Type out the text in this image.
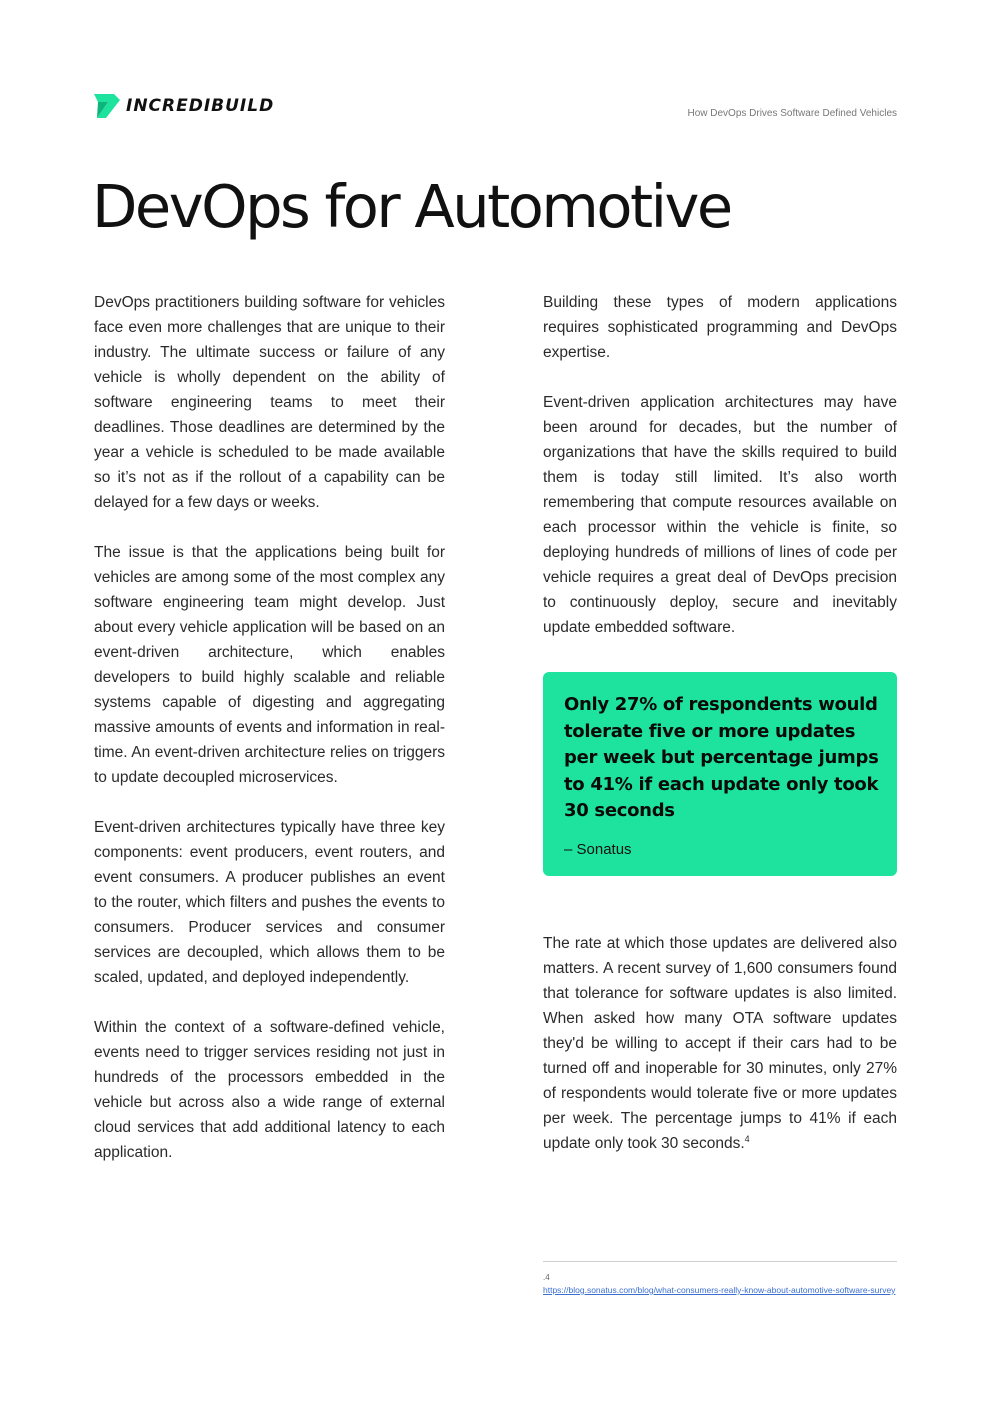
INCREDIBUILD	How DevOps Drives Software Defined Vehicles
DevOps for Automotive

DevOps practitioners building software for vehicles face even more challenges that are unique to their industry. The ultimate success or failure of any vehicle is wholly dependent on the ability of software engineering teams to meet their deadlines. Those deadlines are determined by the year a vehicle is scheduled to be made available so it’s not as if the rollout of a capability can be delayed for a few days or weeks.

The issue is that the applications being built for vehicles are among some of the most complex any software engineering team might develop. Just about every vehicle application will be based on an event-driven architecture, which enables developers to build highly scalable and reliable systems capable of digesting and aggregating massive amounts of events and information in real-time. An event-driven architecture relies on triggers to update decoupled microservices.

Event-driven architectures typically have three key components: event producers, event routers, and event consumers. A producer publishes an event to the router, which filters and pushes the events to consumers. Producer services and consumer services are decoupled, which allows them to be scaled, updated, and deployed independently.

Within the context of a software-defined vehicle, events need to trigger services residing not just in hundreds of the processors embedded in the vehicle but across also a wide range of external cloud services that add additional latency to each application.

Building these types of modern applications requires sophisticated programming and DevOps expertise.

Event-driven application architectures may have been around for decades, but the number of organizations that have the skills required to build them is today still limited. It’s also worth remembering that compute resources available on each processor within the vehicle is finite, so deploying hundreds of millions of lines of code per vehicle requires a great deal of DevOps precision to continuously deploy, secure and inevitably update embedded software.

Only 27% of respondents would tolerate five or more updates per week but percentage jumps to 41% if each update only took 30 seconds

– Sonatus

The rate at which those updates are delivered also matters. A recent survey of 1,600 consumers found that tolerance for software updates is also limited. When asked how many OTA software updates they'd be willing to accept if their cars had to be turned off and inoperable for 30 minutes, only 27% of respondents would tolerate five or more updates per week. The percentage jumps to 41% if each update only took 30 seconds.$^4$

.4
https://blog.sonatus.com/blog/what-consumers-really-know-about-automotive-software-survey
